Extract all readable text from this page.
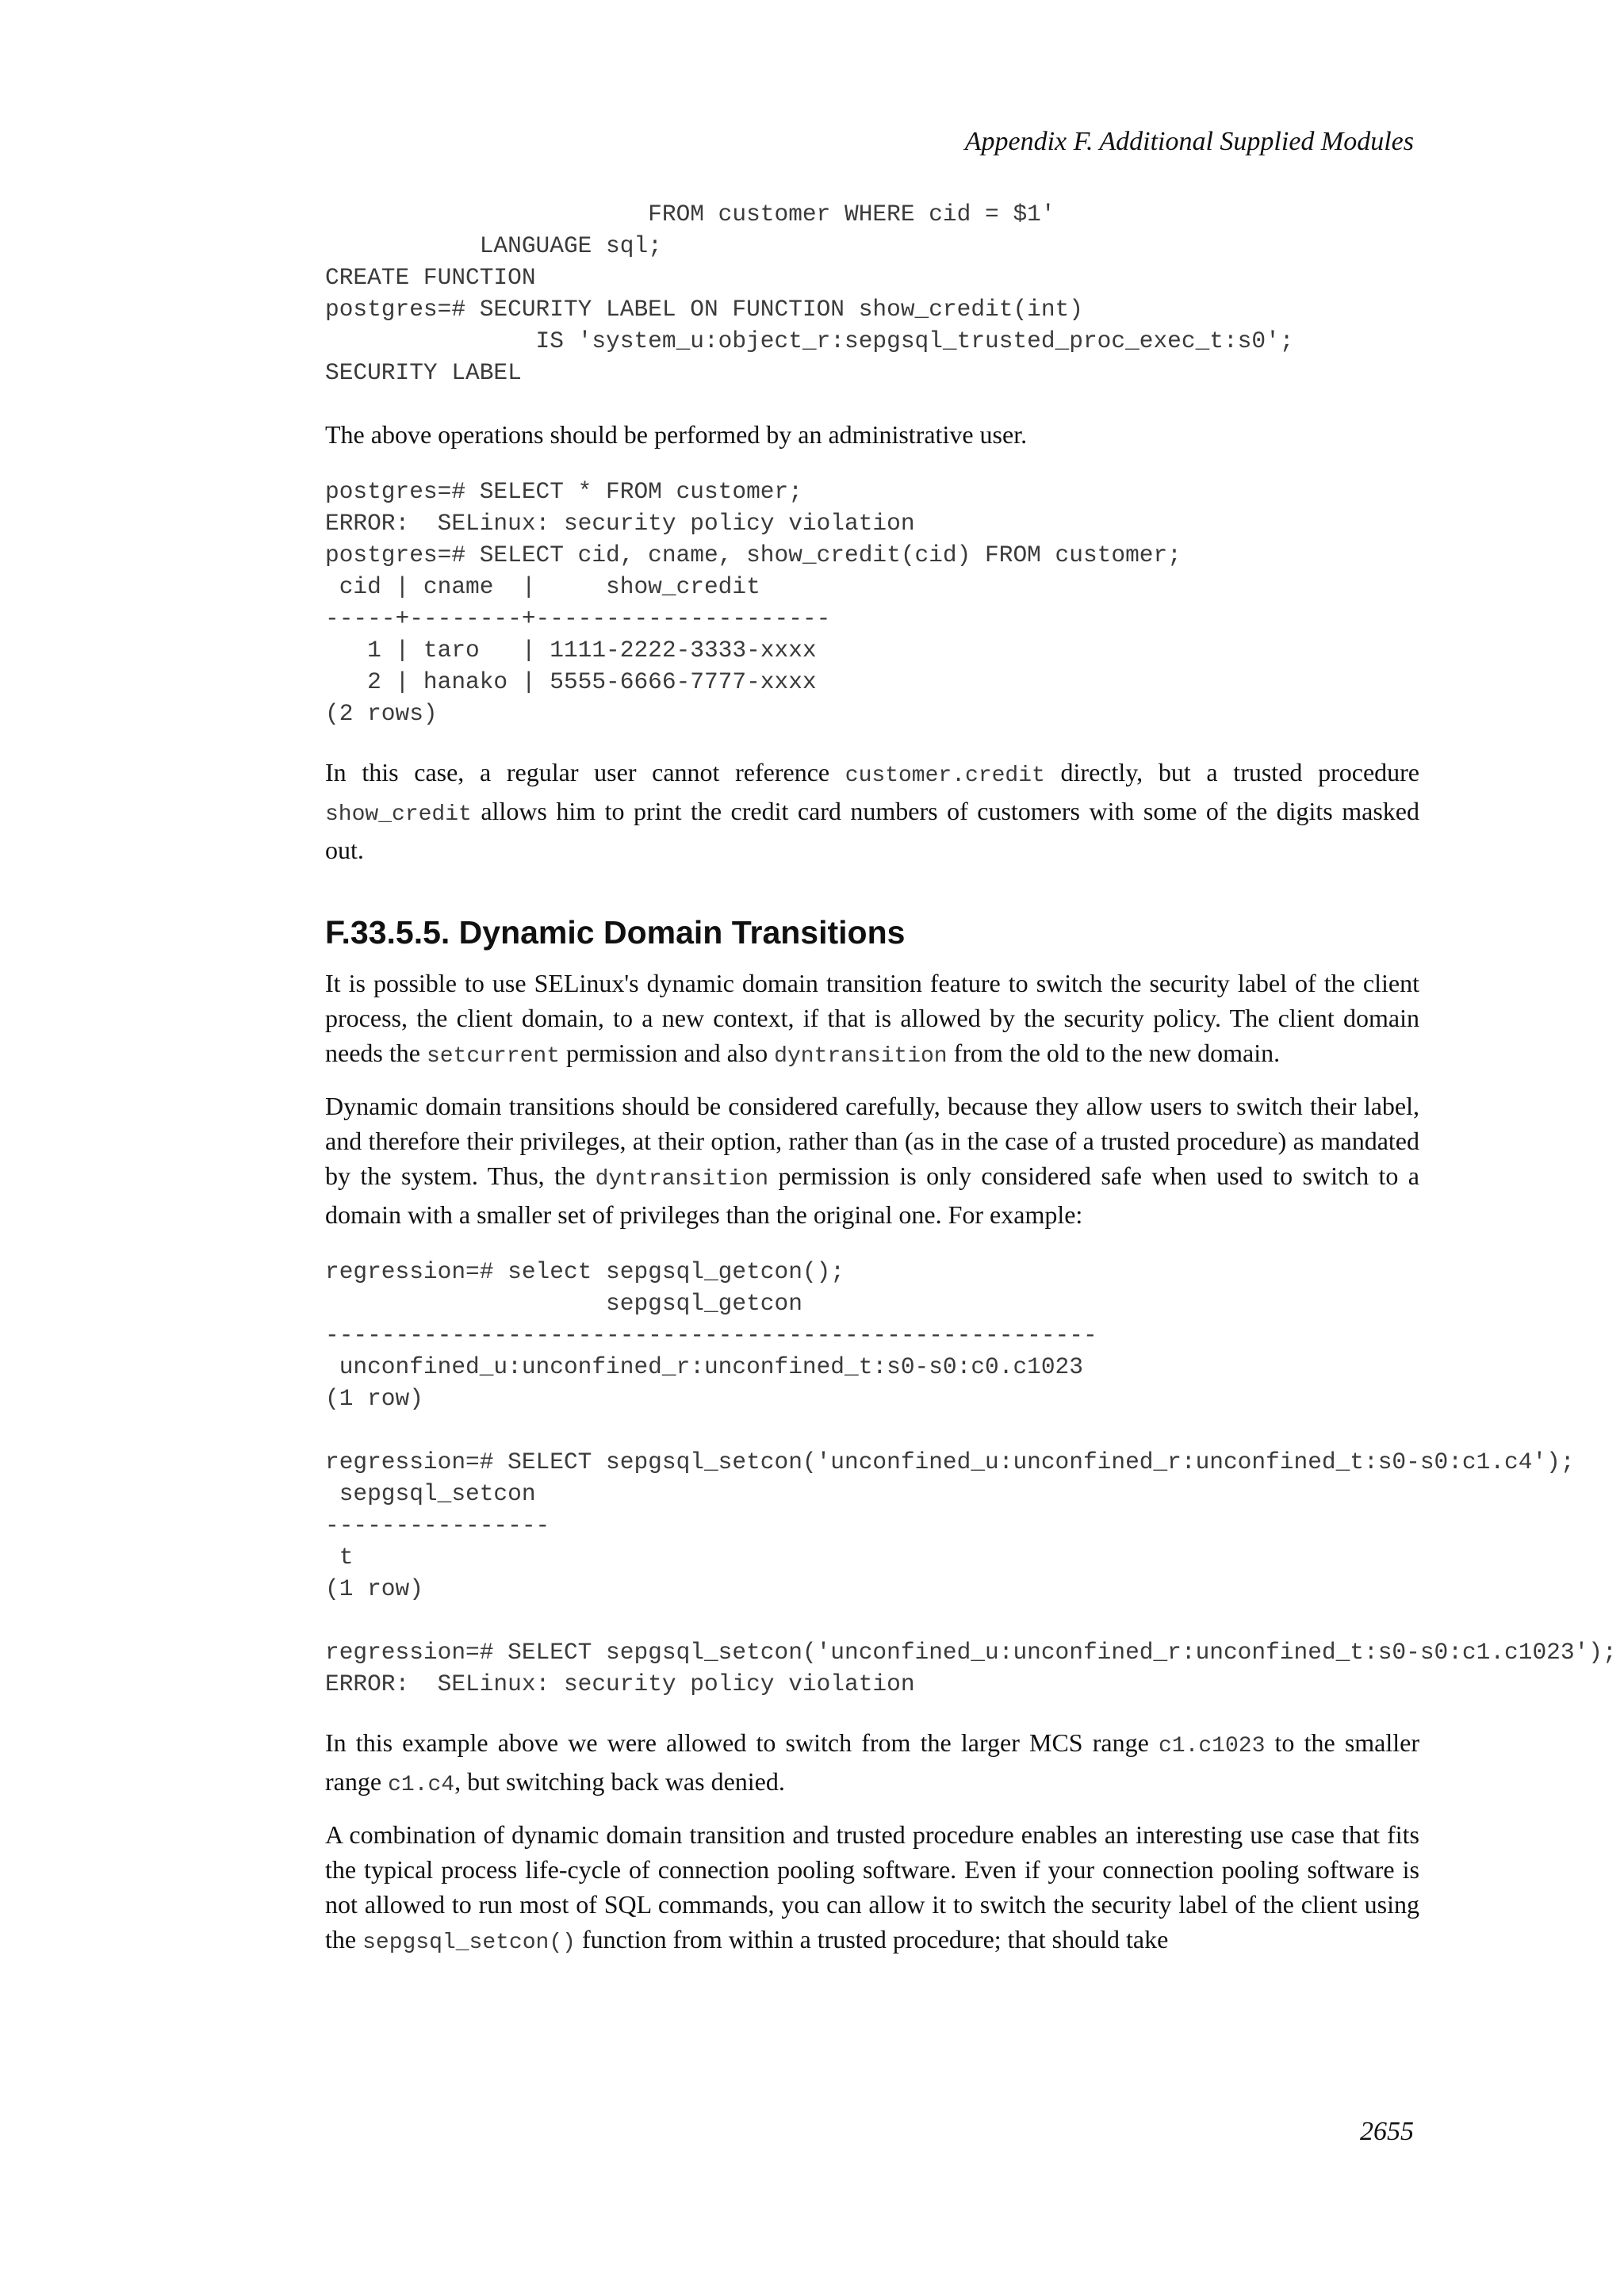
Appendix F. Additional Supplied Modules
FROM customer WHERE cid = $1'
LANGUAGE sql;
CREATE FUNCTION
postgres=# SECURITY LABEL ON FUNCTION show_credit(int)
IS 'system_u:object_r:sepgsql_trusted_proc_exec_t:s0';
SECURITY LABEL

The above operations should be performed by an administrative user.

postgres=# SELECT * FROM customer;
ERROR:  SELinux: security policy violation
postgres=# SELECT cid, cname, show_credit(cid) FROM customer;
cid | cname  |     show_credit
-----+--------+---------------------
1 | taro   | 1111-2222-3333-xxxx
2 | hanako | 5555-6666-7777-xxxx
(2 rows)

In this case, a regular user cannot reference customer.credit directly, but a trusted procedure show_credit allows him to print the credit card numbers of customers with some of the digits masked out.

F.33.5.5. Dynamic Domain Transitions

It is possible to use SELinux's dynamic domain transition feature to switch the security label of the client process, the client domain, to a new context, if that is allowed by the security policy. The client domain needs the setcurrent permission and also dyntransition from the old to the new domain.

Dynamic domain transitions should be considered carefully, because they allow users to switch their label, and therefore their privileges, at their option, rather than (as in the case of a trusted procedure) as mandated by the system. Thus, the dyntransition permission is only considered safe when used to switch to a domain with a smaller set of privileges than the original one. For example:

regression=# select sepgsql_getcon();
sepgsql_getcon
-------------------------------------------------------
unconfined_u:unconfined_r:unconfined_t:s0-s0:c0.c1023
(1 row)

regression=# SELECT sepgsql_setcon('unconfined_u:unconfined_r:unconfined_t:s0-s0:c1.c4');
sepgsql_setcon
----------------
t
(1 row)

regression=# SELECT sepgsql_setcon('unconfined_u:unconfined_r:unconfined_t:s0-s0:c1.c1023');
ERROR:  SELinux: security policy violation

In this example above we were allowed to switch from the larger MCS range c1.c1023 to the smaller range c1.c4, but switching back was denied.

A combination of dynamic domain transition and trusted procedure enables an interesting use case that fits the typical process life-cycle of connection pooling software. Even if your connection pooling software is not allowed to run most of SQL commands, you can allow it to switch the security label of the client using the sepgsql_setcon() function from within a trusted procedure; that should take

2655
